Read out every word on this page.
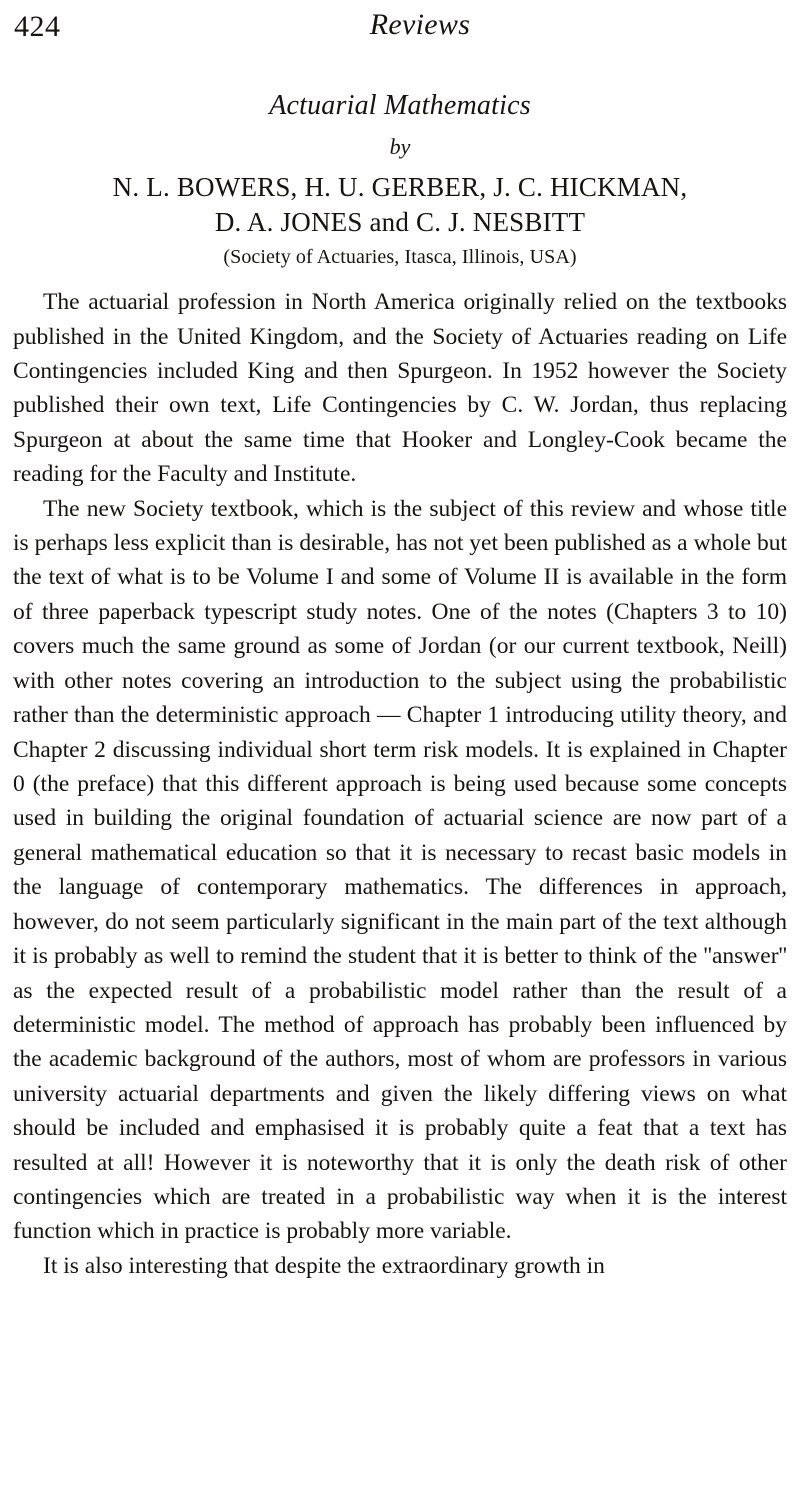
424	Reviews
Actuarial Mathematics
by
N. L. BOWERS, H. U. GERBER, J. C. HICKMAN,
D. A. JONES and C. J. NESBITT
(Society of Actuaries, Itasca, Illinois, USA)

The actuarial profession in North America originally relied on the textbooks published in the United Kingdom, and the Society of Actuaries reading on Life Contingencies included King and then Spurgeon. In 1952 however the Society published their own text, Life Contingencies by C. W. Jordan, thus replacing Spurgeon at about the same time that Hooker and Longley-Cook became the reading for the Faculty and Institute.

The new Society textbook, which is the subject of this review and whose title is perhaps less explicit than is desirable, has not yet been published as a whole but the text of what is to be Volume I and some of Volume II is available in the form of three paperback typescript study notes. One of the notes (Chapters 3 to 10) covers much the same ground as some of Jordan (or our current textbook, Neill) with other notes covering an introduction to the subject using the probabilistic rather than the deterministic approach — Chapter 1 introducing utility theory, and Chapter 2 discussing individual short term risk models. It is explained in Chapter 0 (the preface) that this different approach is being used because some concepts used in building the original foundation of actuarial science are now part of a general mathematical education so that it is necessary to recast basic models in the language of contemporary mathematics. The differences in approach, however, do not seem particularly significant in the main part of the text although it is probably as well to remind the student that it is better to think of the ''answer'' as the expected result of a probabilistic model rather than the result of a deterministic model. The method of approach has probably been influenced by the academic background of the authors, most of whom are professors in various university actuarial departments and given the likely differing views on what should be included and emphasised it is probably quite a feat that a text has resulted at all! However it is noteworthy that it is only the death risk of other contingencies which are treated in a probabilistic way when it is the interest function which in practice is probably more variable.

It is also interesting that despite the extraordinary growth in
